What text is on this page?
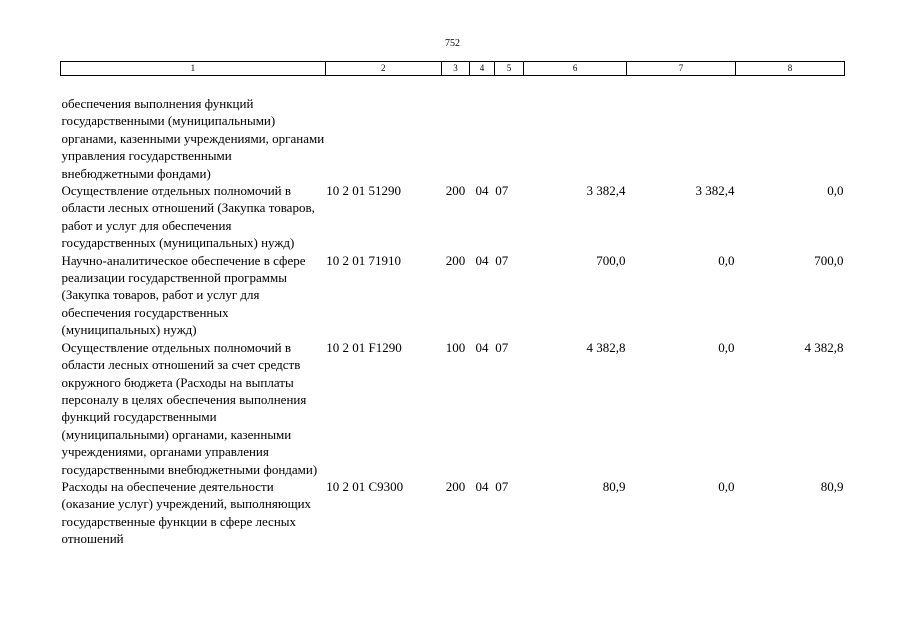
752
1	2	3	4	5	6	7	8
обеспечения выполнения функций государственными (муниципальными) органами, казенными учреждениями, органами управления государственными внебюджетными фондами)							
Осуществление отдельных полномочий в области лесных отношений (Закупка товаров, работ и услуг для обеспечения государственных (муниципальных) нужд)	10 2 01 51290	200	04	07	3 382,4	3 382,4	0,0
Научно-аналитическое обеспечение в сфере реализации государственной программы (Закупка товаров, работ и услуг для обеспечения государственных (муниципальных) нужд)	10 2 01 71910	200	04	07	700,0	0,0	700,0
Осуществление отдельных полномочий в области лесных отношений за счет средств окружного бюджета (Расходы на выплаты персоналу в целях обеспечения выполнения функций государственными (муниципальными) органами, казенными учреждениями, органами управления государственными внебюджетными фондами)	10 2 01 F1290	100	04	07	4 382,8	0,0	4 382,8
Расходы на обеспечение деятельности (оказание услуг) учреждений, выполняющих государственные функции в сфере лесных отношений	10 2 01 C9300	200	04	07	80,9	0,0	80,9
